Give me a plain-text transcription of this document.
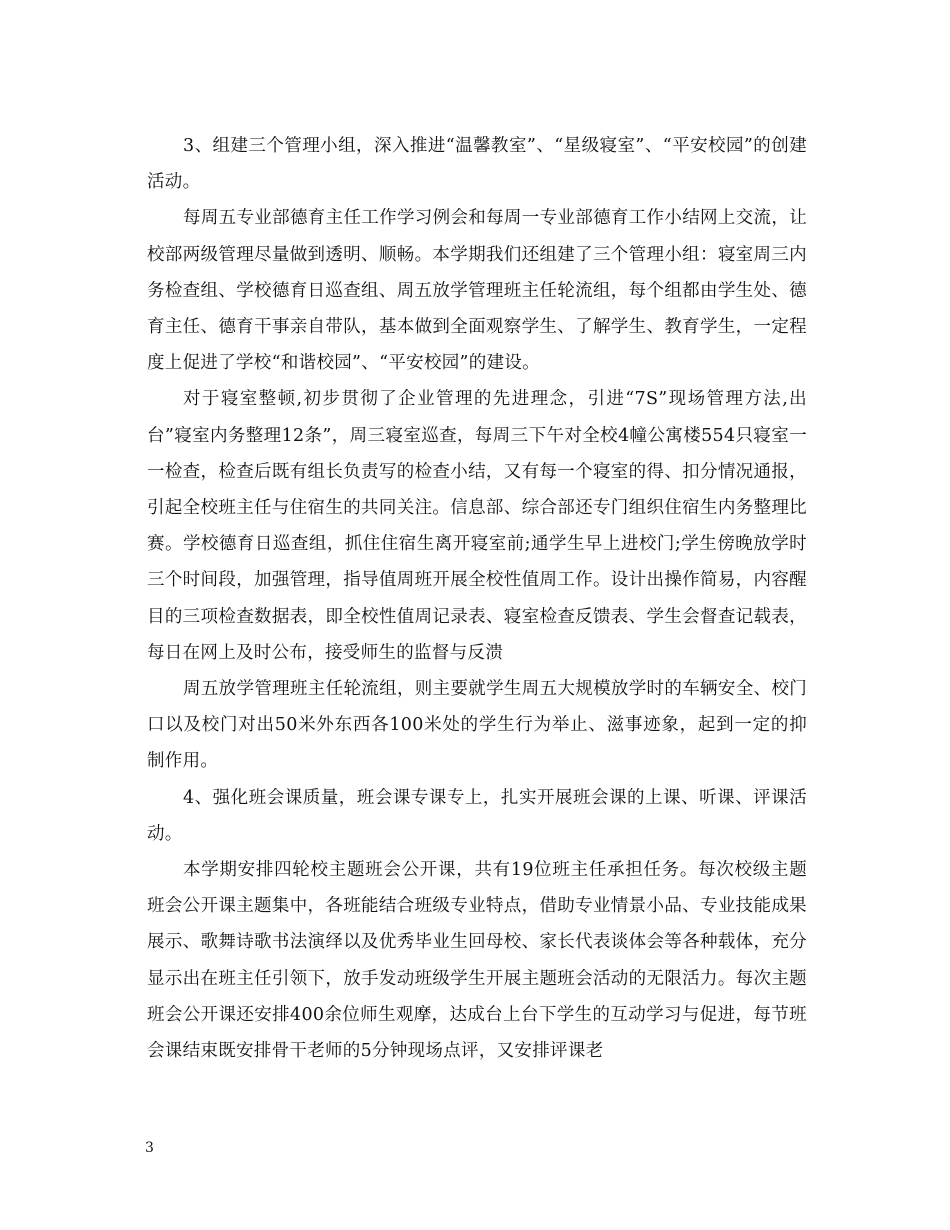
3、组建三个管理小组，深入推进“温馨教室”、“星级寝室”、“平安校园”的创建活动。

每周五专业部德育主任工作学习例会和每周一专业部德育工作小结网上交流，让校部两级管理尽量做到透明、顺畅。本学期我们还组建了三个管理小组：寝室周三内务检查组、学校德育日巡查组、周五放学管理班主任轮流组，每个组都由学生处、德育主任、德育干事亲自带队，基本做到全面观察学生、了解学生、教育学生，一定程度上促进了学校“和谐校园”、“平安校园”的建设。

对于寝室整顿,初步贯彻了企业管理的先进理念，引进“7S”现场管理方法,出台”寝室内务整理12条”，周三寝室巡查，每周三下午对全校4幢公寓楼554只寝室一一检查，检查后既有组长负责写的检查小结，又有每一个寝室的得、扣分情况通报，引起全校班主任与住宿生的共同关注。信息部、综合部还专门组织住宿生内务整理比赛。学校德育日巡查组，抓住住宿生离开寝室前;通学生早上进校门;学生傍晚放学时三个时间段，加强管理，指导值周班开展全校性值周工作。设计出操作简易，内容醒目的三项检查数据表，即全校性值周记录表、寝室检查反馈表、学生会督查记载表，每日在网上及时公布，接受师生的监督与反溃

周五放学管理班主任轮流组，则主要就学生周五大规模放学时的车辆安全、校门口以及校门对出50米外东西各100米处的学生行为举止、滋事迹象，起到一定的抑制作用。

4、强化班会课质量，班会课专课专上，扎实开展班会课的上课、听课、评课活动。

本学期安排四轮校主题班会公开课，共有19位班主任承担任务。每次校级主题班会公开课主题集中，各班能结合班级专业特点，借助专业情景小品、专业技能成果展示、歌舞诗歌书法演绎以及优秀毕业生回母校、家长代表谈体会等各种载体，充分显示出在班主任引领下，放手发动班级学生开展主题班会活动的无限活力。每次主题班会公开课还安排400余位师生观摩，达成台上台下学生的互动学习与促进，每节班会课结束既安排骨干老师的5分钟现场点评，又安排评课老

3
